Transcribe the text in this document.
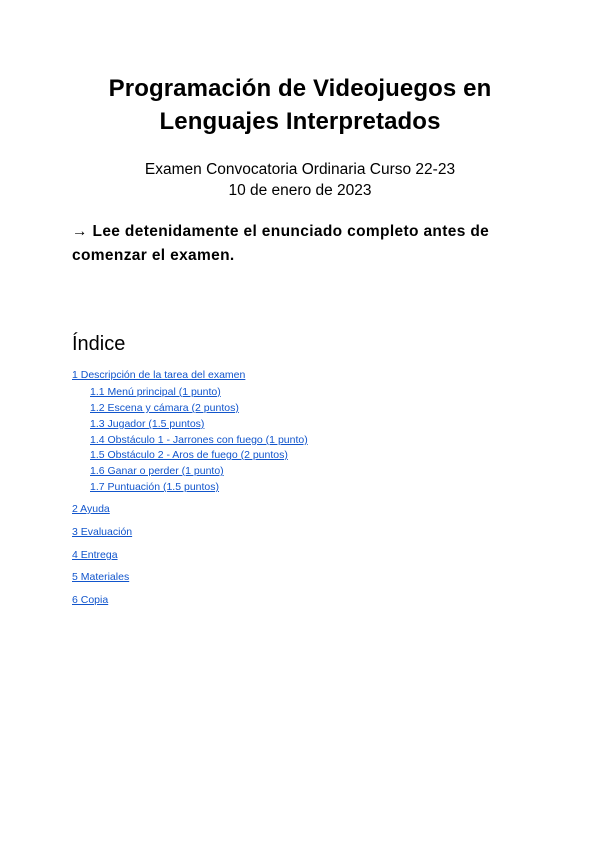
Programación de Videojuegos en
Lenguajes Interpretados
Examen Convocatoria Ordinaria Curso 22-23
10 de enero de 2023
→ Lee detenidamente el enunciado completo antes de comenzar el examen.
Índice
1 Descripción de la tarea del examen
1.1 Menú principal (1 punto)
1.2 Escena y cámara (2 puntos)
1.3 Jugador (1.5 puntos)
1.4 Obstáculo 1 - Jarrones con fuego (1 punto)
1.5 Obstáculo 2 - Aros de fuego (2 puntos)
1.6 Ganar o perder (1 punto)
1.7 Puntuación (1.5 puntos)
2 Ayuda
3 Evaluación
4 Entrega
5 Materiales
6 Copia
